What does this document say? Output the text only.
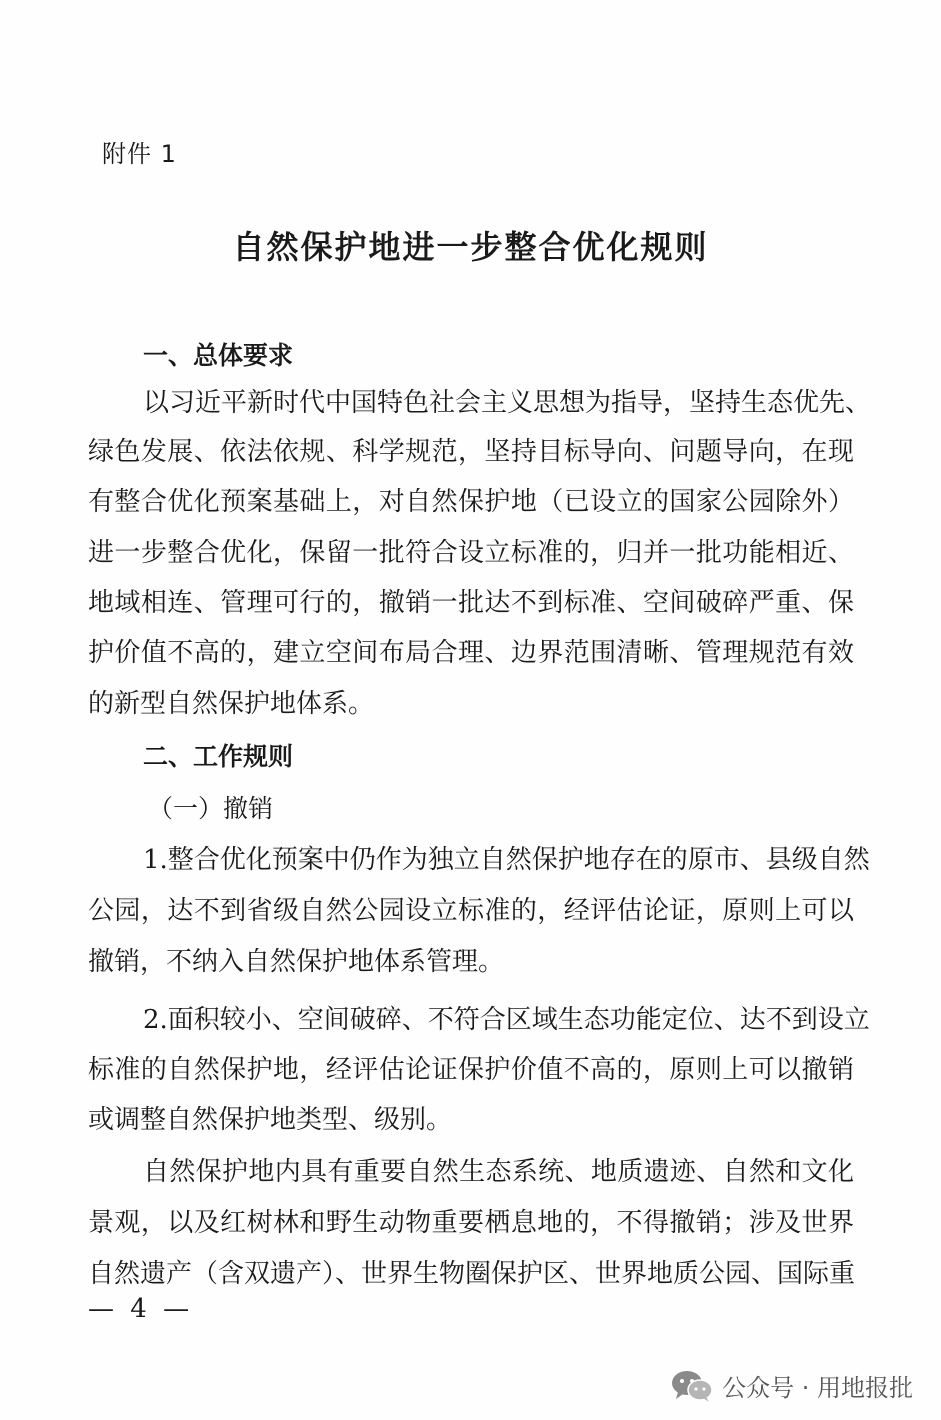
附件 1
自然保护地进一步整合优化规则
一、总体要求
以习近平新时代中国特色社会主义思想为指导，坚持生态优先、
绿色发展、依法依规、科学规范，坚持目标导向、问题导向，在现
有整合优化预案基础上，对自然保护地（已设立的国家公园除外）
进一步整合优化，保留一批符合设立标准的，归并一批功能相近、
地域相连、管理可行的，撤销一批达不到标准、空间破碎严重、保
护价值不高的，建立空间布局合理、边界范围清晰、管理规范有效
的新型自然保护地体系。
二、工作规则
（一）撤销
1.整合优化预案中仍作为独立自然保护地存在的原市、县级自然
公园，达不到省级自然公园设立标准的，经评估论证，原则上可以
撤销，不纳入自然保护地体系管理。
2.面积较小、空间破碎、不符合区域生态功能定位、达不到设立
标准的自然保护地，经评估论证保护价值不高的，原则上可以撤销
或调整自然保护地类型、级别。
自然保护地内具有重要自然生态系统、地质遗迹、自然和文化
景观，以及红树林和野生动物重要栖息地的，不得撤销；涉及世界
自然遗产（含双遗产）、世界生物圈保护区、世界地质公园、国际重
— 4 —
公众号 · 用地报批
